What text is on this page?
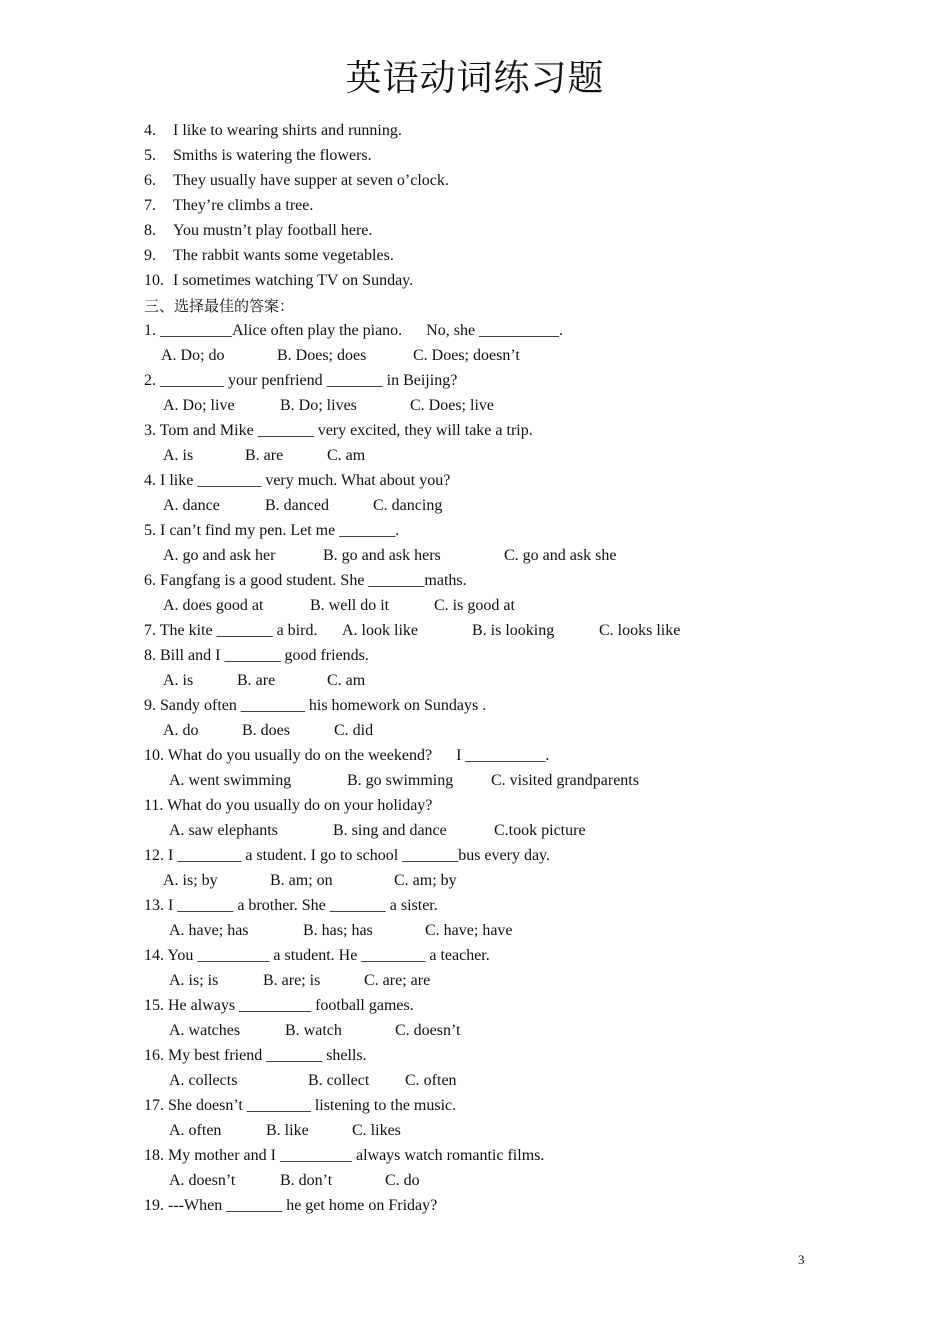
英语动词练习题
4. I like to wearing shirts and running.
5. Smiths is watering the flowers.
6. They usually have supper at seven o’clock.
7. They’re climbs a tree.
8. You mustn’t play football here.
9. The rabbit wants some vegetables.
10. I sometimes watching TV on Sunday.
三、选择最佳的答案：
1. _________Alice often play the piano.      No, she __________.
A. Do; do	B. Does; does	C. Does; doesn’t
2. ________ your penfriend _______ in Beijing?
A. Do; live	B. Do; lives	C. Does; live
3. Tom and Mike _______ very excited, they will take a trip.
A. is	B. are	C. am
4. I like ________ very much. What about you?
A. dance	B. danced	C. dancing
5. I can’t find my pen. Let me _______.
A. go and ask her	B. go and ask hers	C. go and ask she
6. Fangfang is a good student. She _______maths.
A. does good at	B. well do it	C. is good at
7. The kite _______ a bird. A. look like	B. is looking	C. looks like
8. Bill and I _______ good friends.
A. is	B. are	C. am
9. Sandy often ________ his homework on Sundays .
A. do	B. does	C. did
10. What do you usually do on the weekend?      I __________.
A. went swimming	B. go swimming C. visited grandparents
11. What do you usually do on your holiday?
A. saw elephants	B. sing and dance	C.took picture
12. I ________ a student. I go to school _______bus every day.
A. is; by	B. am; on	C. am; by
13. I _______ a brother. She _______ a sister.
A. have; has	B. has; has	C. have; have
14. You _________ a student. He ________ a teacher.
A. is; is	B. are; is	C. are; are
15. He always _________ football games.
A. watches	B. watch	C. doesn’t
16. My best friend _______ shells.
A. collects	B. collect C. often
17. She doesn’t ________ listening to the music.
A. often	B. like	C. likes
18. My mother and I _________ always watch romantic films.
A. doesn’t	B. don’t	C. do
19. ---When _______ he get home on Friday?
3
